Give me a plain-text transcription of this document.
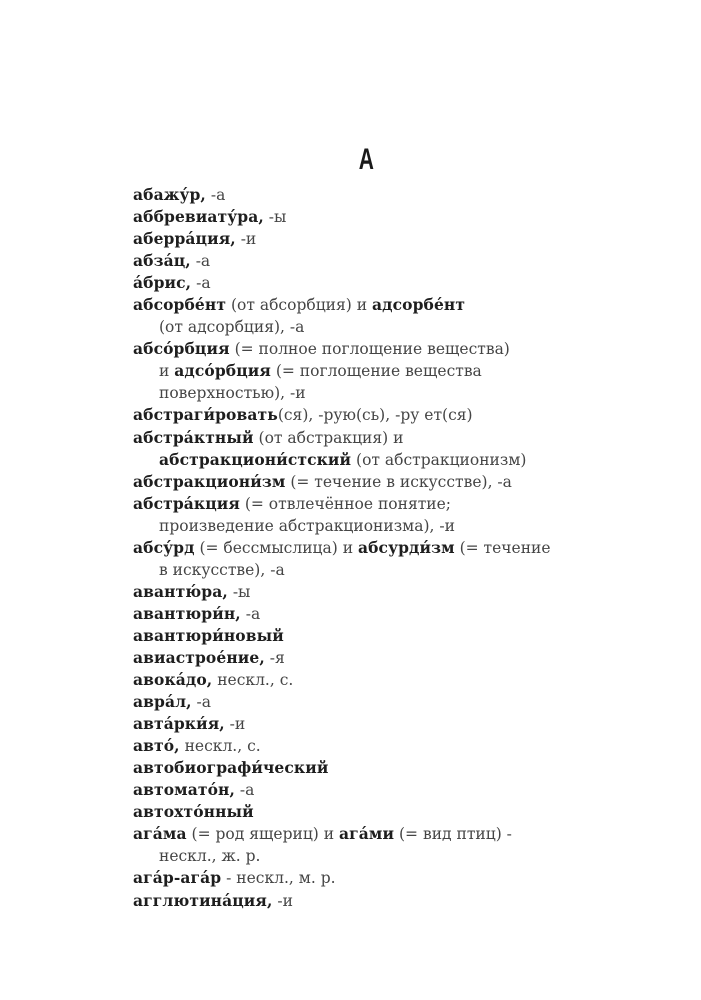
А
абажу́р, -а
аббревиату́ра, -ы
аберра́ция, -и
абза́ц, -а
а́брис, -а
абсорбе́нт (от абсорбция) и адсорбе́нт
(от адсорбция), -а
абсо́рбция (= полное поглощение вещества)
и адсо́рбция (= поглощение вещества
поверхностью), -и
абстраги́ровать(ся), -рую(сь), -ру ет(ся)
абстра́ктный (от абстракция) и
абстракциони́стский (от абстракционизм)
абстракциони́зм (= течение в искусстве), -а
абстра́кция (= отвлечённое понятие;
произведение абстракционизма), -и
абсу́рд (= бессмыслица) и абсурди́зм (= течение
в искусстве), -а
авантю́ра, -ы
авантюри́н, -а
авантюри́новый
авиастрое́ние, -я
авока́до, нескл., с.
авра́л, -а
авта́рки́я, -и
авто́, нескл., с.
автобиографи́ческий
автомато́н, -а
автохто́нный
ага́ма (= род ящериц) и ага́ми (= вид птиц) -
нескл., ж. р.
ага́р-ага́р - нескл., м. р.
агглютина́ция, -и
